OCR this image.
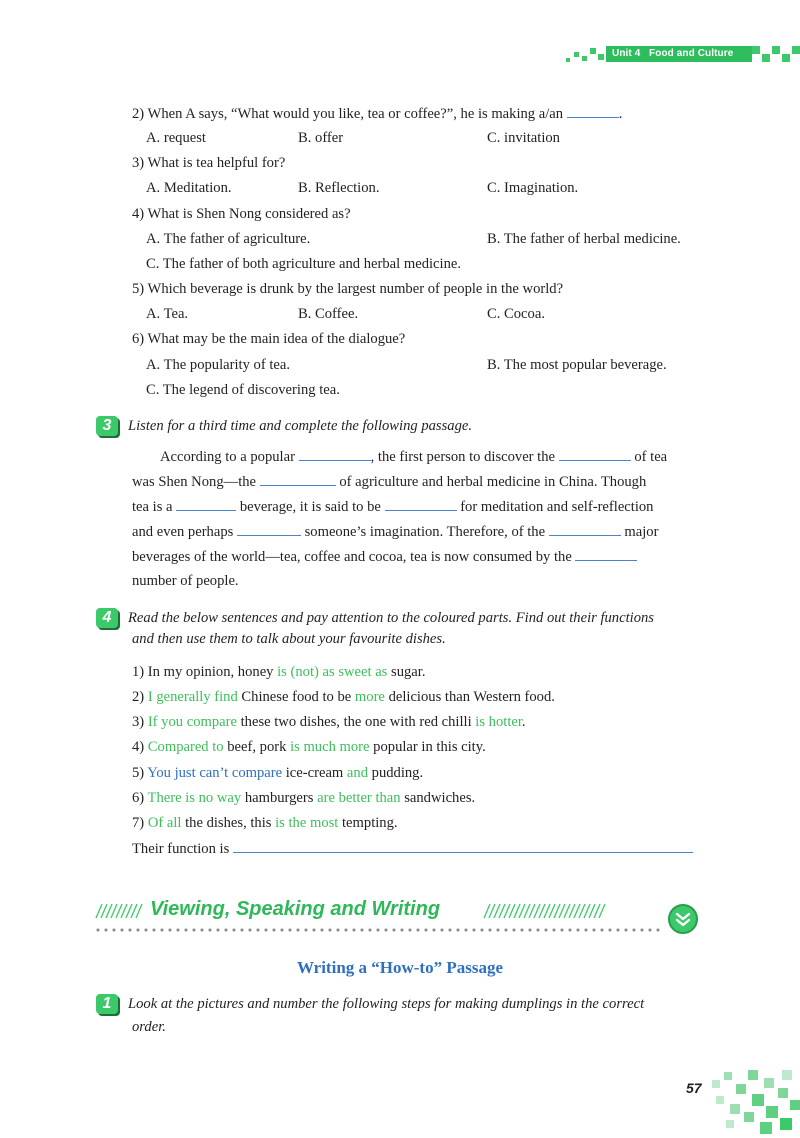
Unit 4 Food and Culture
2) When A says, “What would you like, tea or coffee?”, he is making a/an	.
A. request	B. offer	C. invitation
3) What is tea helpful for?
A. Meditation.	B. Reflection.	C. Imagination.
4) What is Shen Nong considered as?
A. The father of agriculture.	B. The father of herbal medicine.
C. The father of both agriculture and herbal medicine.
5) Which beverage is drunk by the largest number of people in the world?
A. Tea.	B. Coffee.	C. Cocoa.
6) What may be the main idea of the dialogue?
A. The popularity of tea.	B. The most popular beverage.
C. The legend of discovering tea.
3	Listen for a third time and complete the following passage.
According to a popular	, the first person to discover the	of tea
was Shen Nong—the	of agriculture and herbal medicine in China. Though
tea is a	beverage, it is said to be	for meditation and self-reflection
and even perhaps	someone’s imagination. Therefore, of the	major
beverages of the world—tea, coffee and cocoa, tea is now consumed by the
number of people.
4	Read the below sentences and pay attention to the coloured parts. Find out their functions
and then use them to talk about your favourite dishes.
1) In my opinion, honey is (not) as sweet as sugar.
2) I generally find Chinese food to be more delicious than Western food.
3) If you compare these two dishes, the one with red chilli is hotter.
4) Compared to beef, pork is much more popular in this city.
5) You just can’t compare ice-cream and pudding.
6) There is no way hamburgers are better than sandwiches.
7) Of all the dishes, this is the most tempting.
Their function is
Viewing, Speaking and Writing
Writing a “How-to” Passage
1	Look at the pictures and number the following steps for making dumplings in the correct
order.
57
